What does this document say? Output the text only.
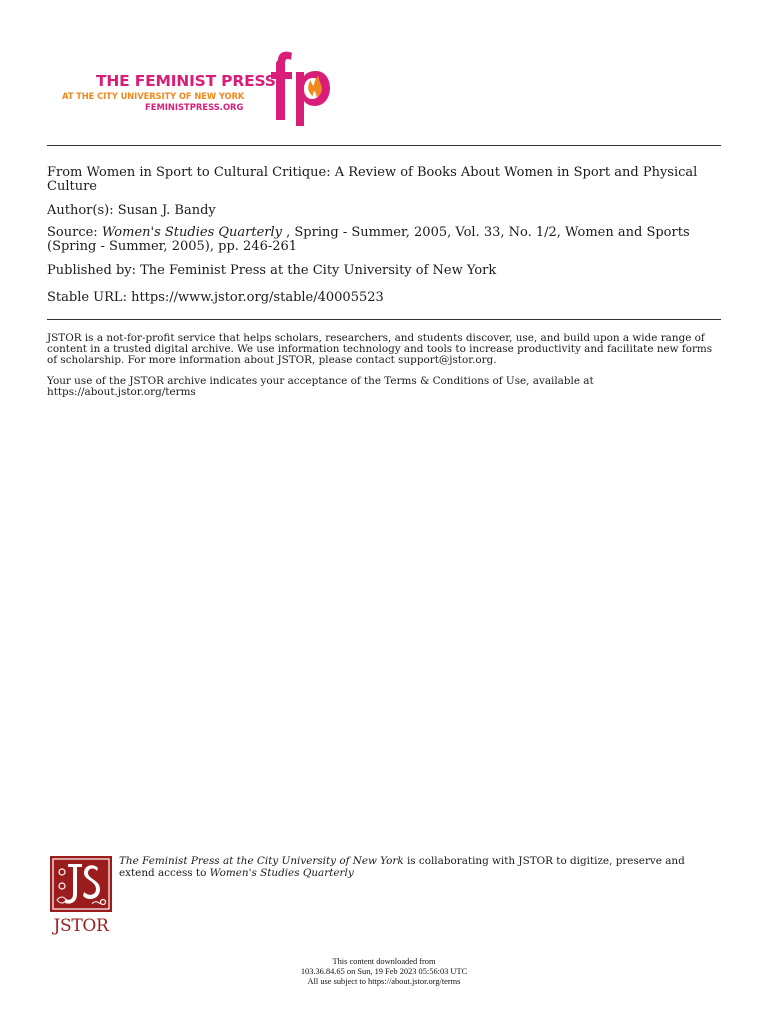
THE FEMINIST PRESS
AT THE CITY UNIVERSITY OF NEW YORK
FEMINISTPRESS.ORG
From Women in Sport to Cultural Critique: A Review of Books About Women in Sport and Physical Culture
Author(s): Susan J. Bandy
Source: Women's Studies Quarterly , Spring - Summer, 2005, Vol. 33, No. 1/2, Women and Sports (Spring - Summer, 2005), pp. 246-261
Published by: The Feminist Press at the City University of New York
Stable URL: https://www.jstor.org/stable/40005523
JSTOR is a not-for-profit service that helps scholars, researchers, and students discover, use, and build upon a wide range of content in a trusted digital archive. We use information technology and tools to increase productivity and facilitate new forms of scholarship. For more information about JSTOR, please contact support@jstor.org.
Your use of the JSTOR archive indicates your acceptance of the Terms & Conditions of Use, available at https://about.jstor.org/terms
JSTOR
The Feminist Press at the City University of New York is collaborating with JSTOR to digitize, preserve and extend access to Women's Studies Quarterly
This content downloaded from
103.36.84.65 on Sun, 19 Feb 2023 05:56:03 UTC
All use subject to https://about.jstor.org/terms
